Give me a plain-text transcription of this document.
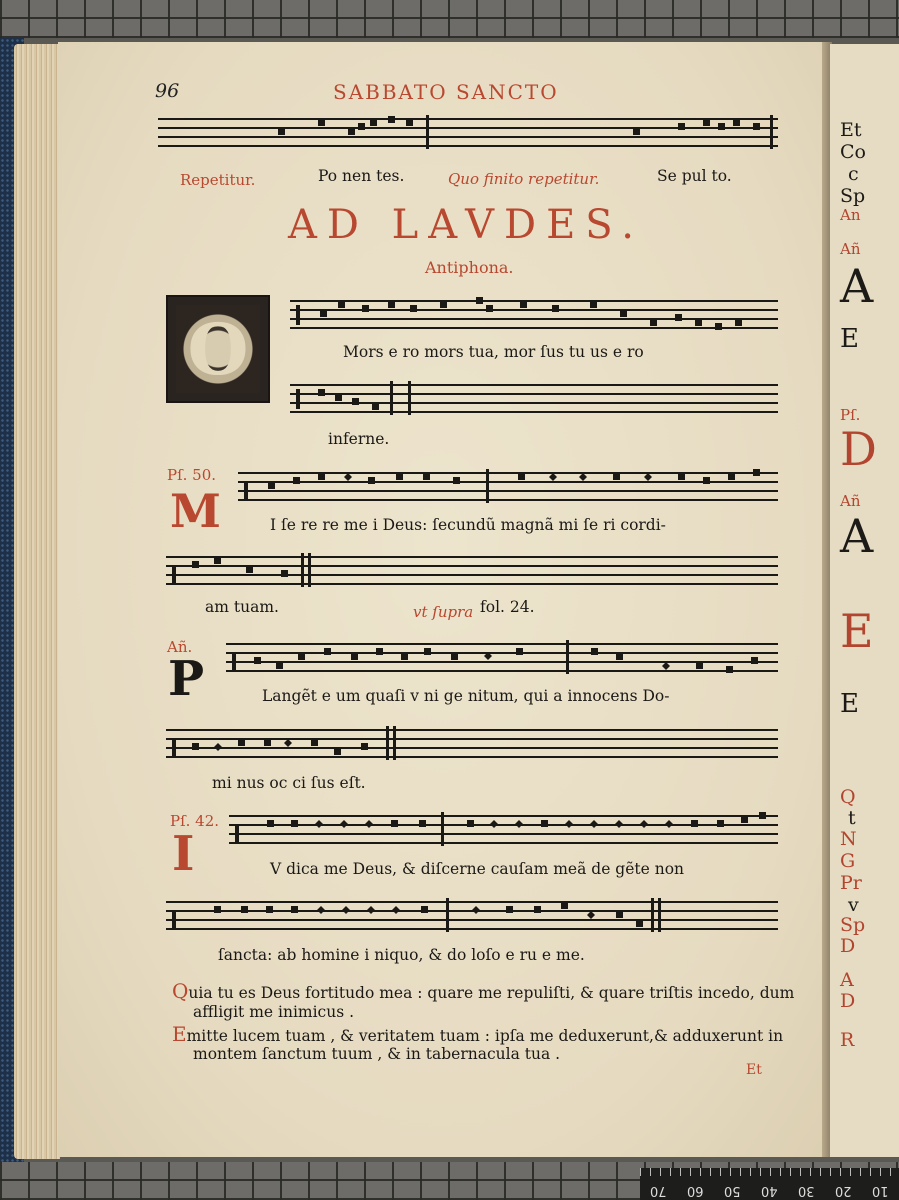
70 60 50 40 30 20 10
Et
Co
c
Sp
An
Añ
A
E
Pſ.
D
Añ
A
E
E
Q
t
N
G
Pr
v
Sp
D
A
D
R
96	SABBATO SANCTO
Repetitur.	Po nen tes.	Quo finito repetitur.	Se pul to.
AD LAVDES.
Antiphona.
O	Mors e ro mors tua, mor ſus tu us e ro
inferne.
Pſ. 50.
M	I ſe re re me i Deus: ſecundũ magnã mi ſe ri cordi-
am tuam.	vt ſupra fol. 24.
Añ.
P	Langẽt e um quaſi v ni ge nitum, qui a innocens Do-
mi nus oc ci ſus eſt.
Pſ. 42.
I	V dica me Deus, & diſcerne cauſam meã de gẽte non
ſancta: ab homine i niquo, & do loſo e ru e me.
Quia tu es Deus fortitudo mea : quare me repuliſti, & quare triſtis incedo, dum
affligit me inimicus .
Emitte lucem tuam , & veritatem tuam : ipſa me deduxerunt,& adduxerunt in
montem ſanctum tuum , & in tabernacula tua .
Et
